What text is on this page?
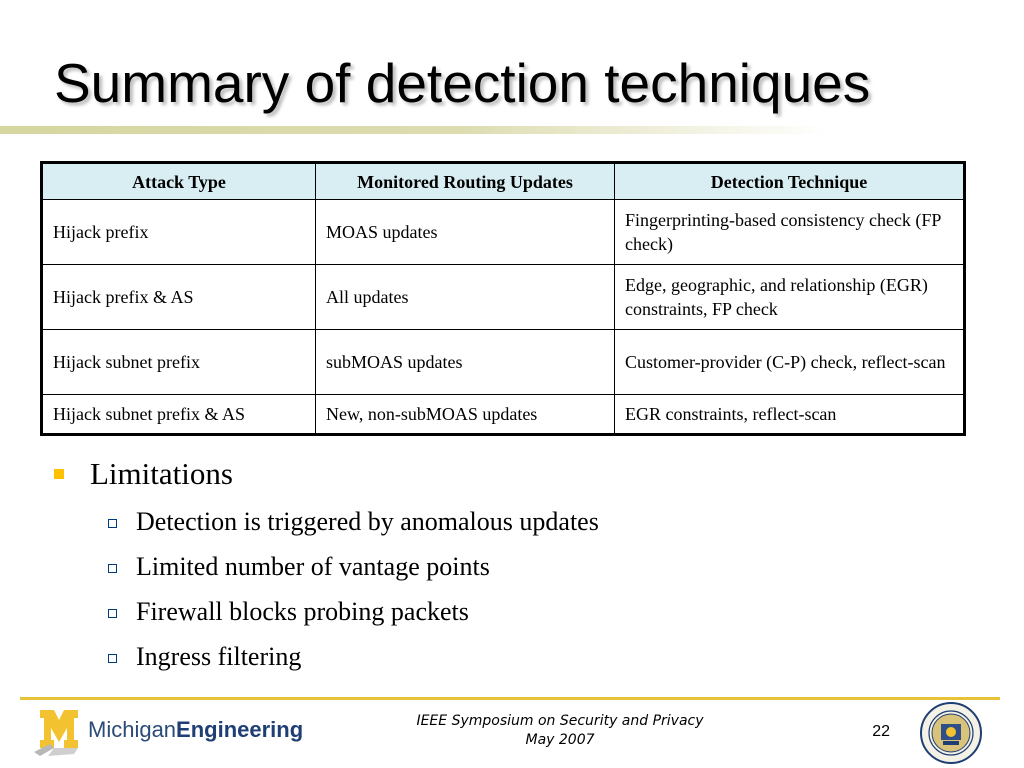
Summary of detection techniques
Attack Type	Monitored Routing Updates	Detection Technique
Hijack prefix	MOAS updates	Fingerprinting-based consistency check (FP check)
Hijack prefix & AS	All updates	Edge, geographic, and relationship (EGR) constraints, FP check
Hijack subnet prefix	subMOAS updates	Customer-provider (C-P) check, reflect-scan
Hijack subnet prefix & AS	New, non-subMOAS updates	EGR constraints, reflect-scan
Limitations
Detection is triggered by anomalous updates
Limited number of vantage points
Firewall blocks probing packets
Ingress filtering
MichiganEngineering	IEEE Symposium on Security and Privacy
May 2007	22
